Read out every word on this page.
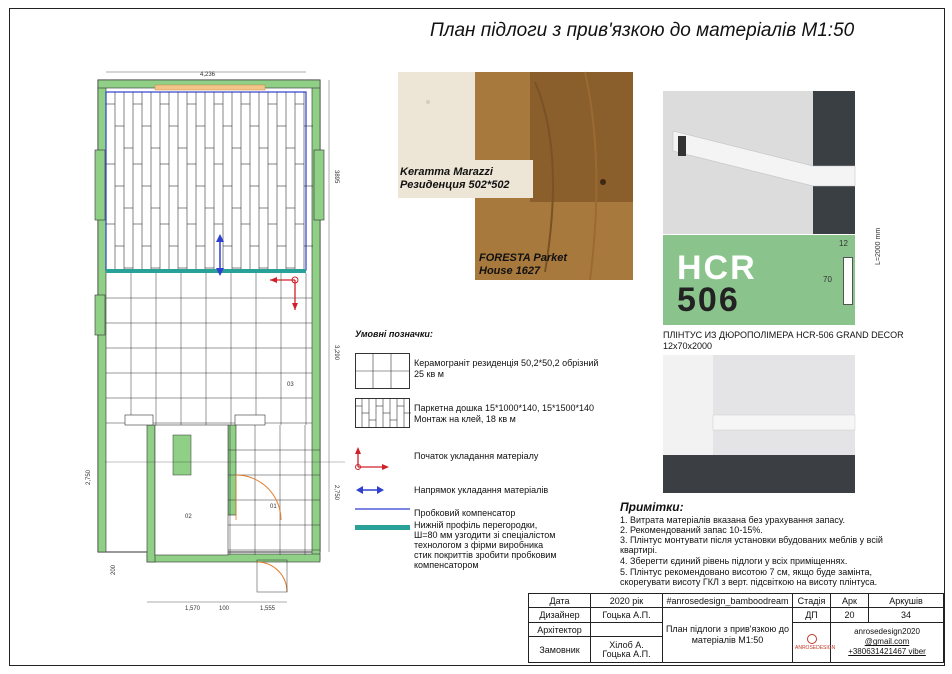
План підлоги з прив'язкою до матеріалів М1:50
4,236
3895
3,290
2,750
2,750
1,570	100	1,555
200
03
02
01
Keramma Marazzi
Резиденция 502*502
FORESTA Parket
House 1627	HCR
506
12
70
L=2000 mm
ПЛІНТУС ИЗ ДЮРОПОЛІМЕРА HCR-506 GRAND DECOR
12х70х2000
Умовні позначки:
Керамограніт резиденція 50,2*50,2 обрізний
25 кв м
Паркетна дошка 15*1000*140, 15*1500*140
Монтаж на клей, 18 кв м
Початок укладання матеріалу
Напрямок укладання матеріалів
Пробковий компенсатор
Нижній профіль перегородки,
Ш=80 мм узгодити зі спеціалістом
технологом з фірми виробника
стик покриттів зробити пробковим
компенсатором
Примітки:
1. Витрата матеріалів вказана без урахування запасу.
2. Рекомендований запас 10-15%.
3. Плінтус монтувати після установки вбудованих меблів у всій
квартирі.
4. Зберегти єдиний рівень підлоги у всіх приміщеннях.
5. Плінтус рекомендовано висотою 7 см, якщо буде замінта,
скорегувати висоту ГКЛ з верт. підсвіткою на висоту плінтуса.
Дата	2020 рік	#anrosedesign_bamboodream	Стадія	Арк	Аркушів
Дизайнер	Гоцька А.П.	План підлоги з прив'язкою до матеріалів М1:50	ДП	20	34
Архітектор			ANROSEDESIGN	anrosedesign2020
@gmail.com
+380631421467 viber	

Замовник	Хілоб А.
Гоцька А.П.				
